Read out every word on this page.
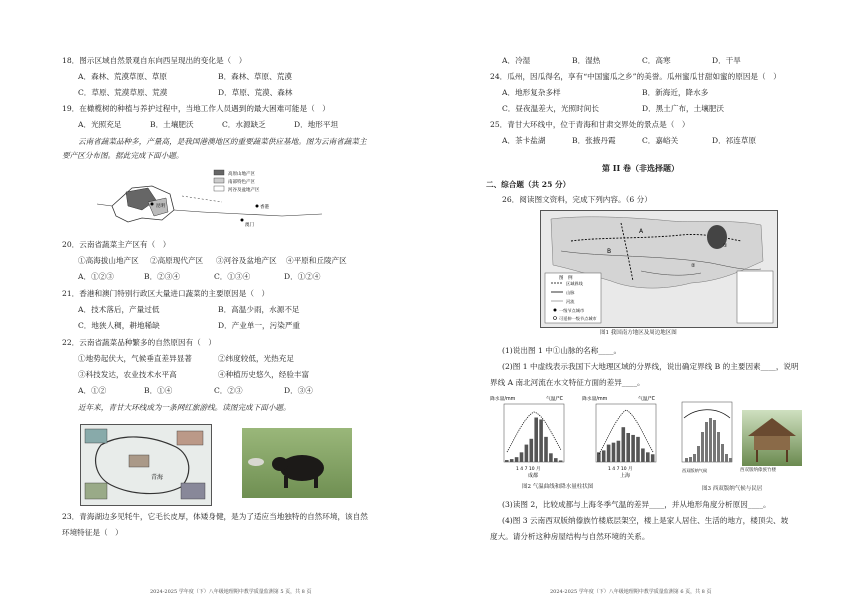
18．图示区域自然景观自东向西呈现出的变化是（　）
A．森林、荒漠草原、草原	B．森林、草原、荒漠
C．草原、荒漠草原、荒漠	D．草原、荒漠、森林
19．在橄榄树的种植与养护过程中，当地工作人员遇到的最大困难可能是（　）
A．光照充足	B．土壤肥沃	C．水源缺乏	D．地形平坦
云南省蔬菜品种多，产量高，是我国港澳地区的重要蔬菜供应基地。图为云南省蔬菜主
要产区分布图。据此完成下面小题。
高原山地产区
南部特色产区
河谷及盆地产区
昆明	香港
澳门
20．云南省蔬菜主产区有（　）
①高海拔山地产区 ②高原现代产区 ③河谷及盆地产区 ④平原和丘陵产区
A．①②③	B．②③④	C．①③④	D．①②④
21．香港和澳门特别行政区大量进口蔬菜的主要原因是（　）
A．技术落后，产量过低	B．高温少雨，水源不足
C．地狭人稠，耕地稀缺	D．产业单一，污染严重
22．云南省蔬菜品种繁多的自然原因有（　）
①地势起伏大，气候垂直差异显著	②纬度较低，光热充足
③科技发达，农业技术水平高	④种植历史悠久，经验丰富
A．①②	B．①④	C．②③	D．③④
近年来，青甘大环线成为一条网红旅游线。读图完成下面小题。
青海
23．青海湖边多见牦牛，它毛长皮厚，体矮身健，是为了适应当地独特的自然环境，该自然
环境特征是（　）
2024-2025 学年度（下）八年级地理期中教学质量监测第 5 页，共 8 页
A．冷湿	B．湿热	C．高寒	D．干旱
24．瓜州，因瓜得名，享有“中国蜜瓜之乡”的美誉。瓜州蜜瓜甘甜如蜜的原因是（　）
A．地形复杂多样	B．新海近，降水多
C．昼夜温差大，光照时间长	D．黑土广布，土壤肥沃
25．青甘大环线中，位于青海和甘肃交界处的景点是（　）
A．茶卡盐湖	B．张掖丹霞	C．嘉峪关	D．祁连草原
第 II 卷（非选择题）
二、综合题（共 25 分）
26．阅读图文资料，完成下列内容。（6 分）
图　例
区域界线
山脉
河流
一级节点城市
可延伸一级节点城市
A
B
①
②
图1 我国南方地区及周边地区图
(1)说出图 1 中①山脉的名称____。
(2)图 1 中虚线表示我国下大地理区域的分界线，说出确定界线 B 的主要因素____，说明
界线 A 南北河流在水文特征方面的差异____。
降水量/mm	气温/°C	降水量/mm	气温/°C
1 4 7 10 月	1 4 7 10 月
成都	上海
图2 气温曲线和降水量柱状图
西双版纳气候	西双版纳傣族竹楼
图3 西双版纳气候与民居
(3)读图 2，比较成都与上海冬季气温的差异____，并从地形角度分析原因____。
(4)图 3 云南西双版纳傣族竹楼底层架空，楼上是家人居住、生活的地方，楼顶尖、坡
度大。请分析这种房屋结构与自然环境的关系。
2024-2025 学年度（下）八年级地理期中教学质量监测第 6 页，共 8 页
